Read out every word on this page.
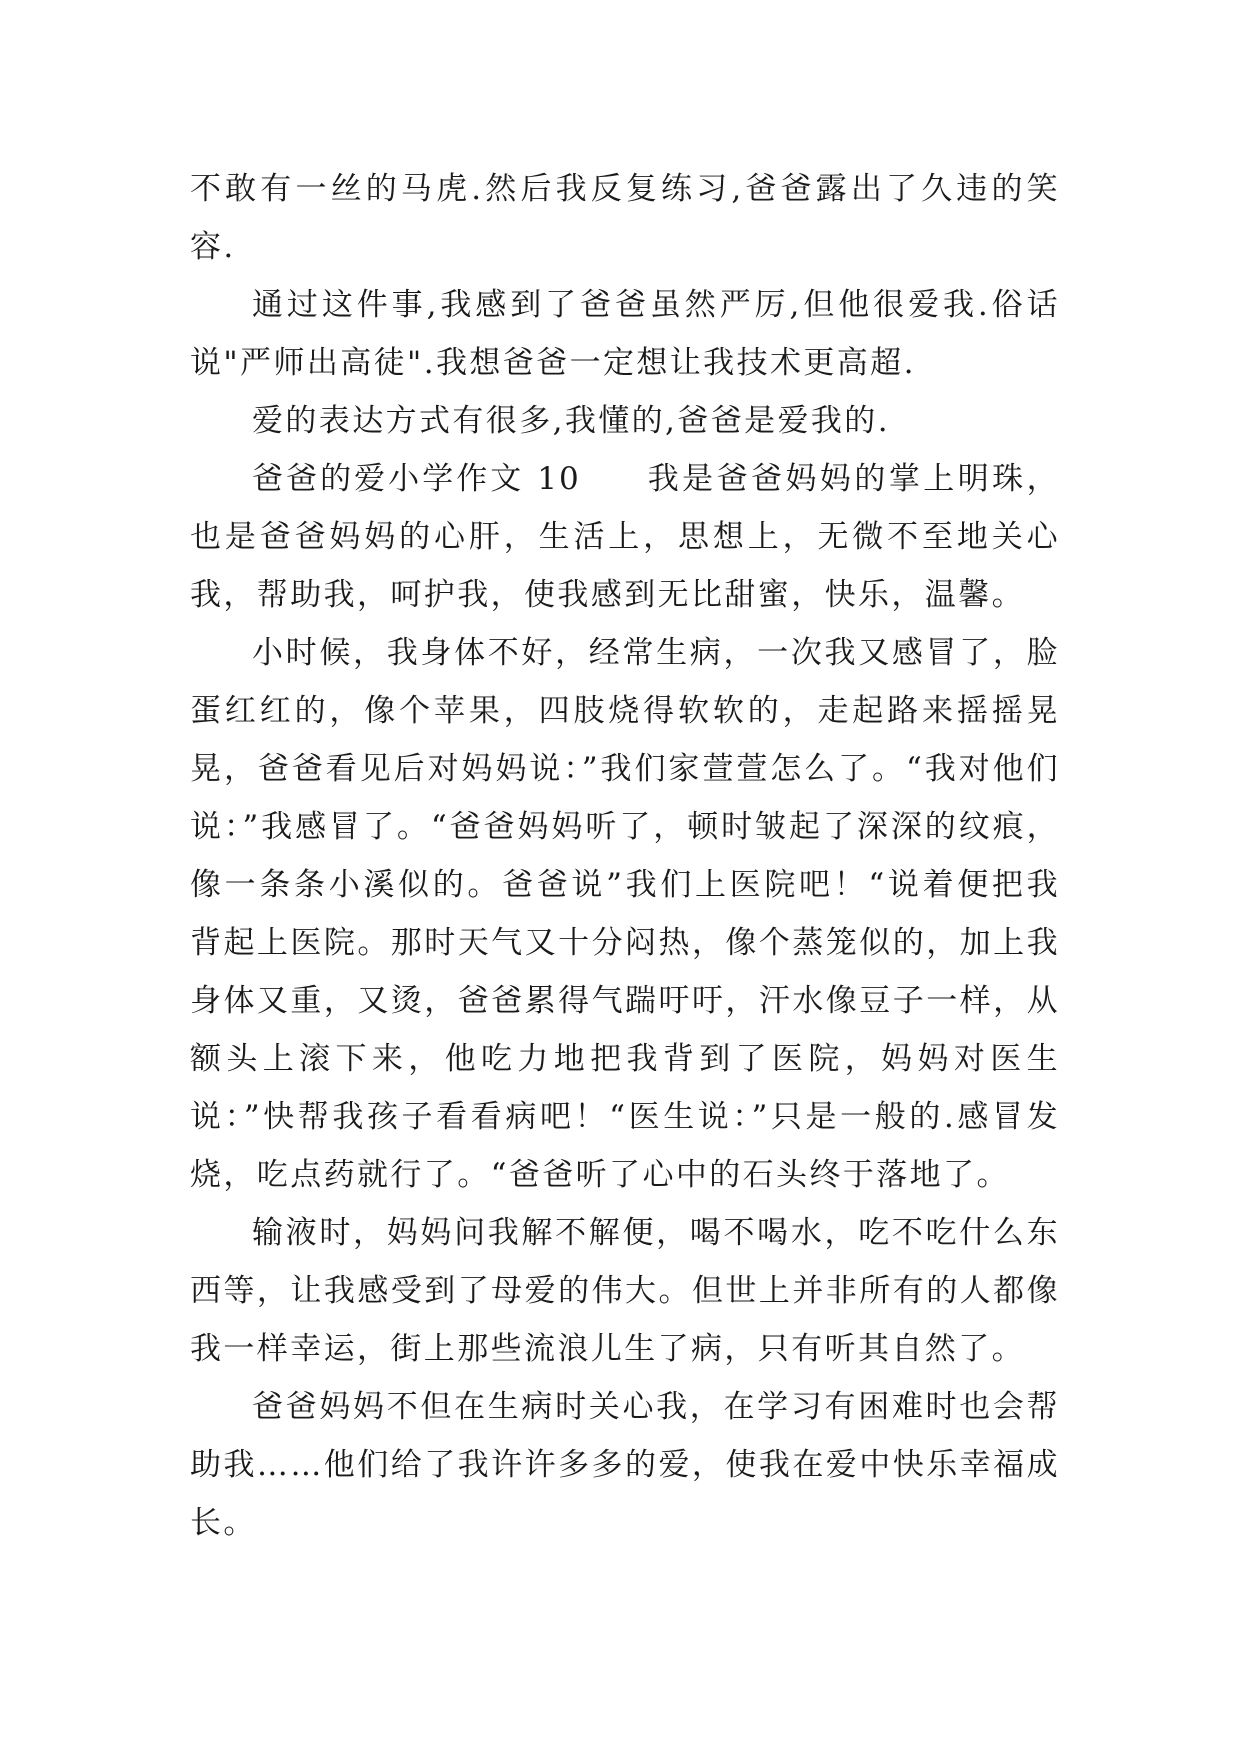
不敢有一丝的马虎.然后我反复练习,爸爸露出了久违的笑容.

通过这件事,我感到了爸爸虽然严厉,但他很爱我.俗话说"严师出高徒".我想爸爸一定想让我技术更高超.

爱的表达方式有很多,我懂的,爸爸是爱我的.

爸爸的爱小学作文 10 我是爸爸妈妈的掌上明珠，也是爸爸妈妈的心肝，生活上，思想上，无微不至地关心我，帮助我，呵护我，使我感到无比甜蜜，快乐，温馨。

小时候，我身体不好，经常生病，一次我又感冒了，脸蛋红红的，像个苹果，四肢烧得软软的，走起路来摇摇晃晃，爸爸看见后对妈妈说：”我们家萱萱怎么了。“我对他们说：”我感冒了。“爸爸妈妈听了，顿时皱起了深深的纹痕，像一条条小溪似的。爸爸说”我们上医院吧！“说着便把我背起上医院。那时天气又十分闷热，像个蒸笼似的，加上我身体又重，又烫，爸爸累得气踹吁吁，汗水像豆子一样，从额头上滚下来，他吃力地把我背到了医院，妈妈对医生说：”快帮我孩子看看病吧！“医生说：”只是一般的.感冒发烧，吃点药就行了。“爸爸听了心中的石头终于落地了。

输液时，妈妈问我解不解便，喝不喝水，吃不吃什么东西等，让我感受到了母爱的伟大。但世上并非所有的人都像我一样幸运，街上那些流浪儿生了病，只有听其自然了。

爸爸妈妈不但在生病时关心我，在学习有困难时也会帮助我……他们给了我许许多多的爱，使我在爱中快乐幸福成长。
